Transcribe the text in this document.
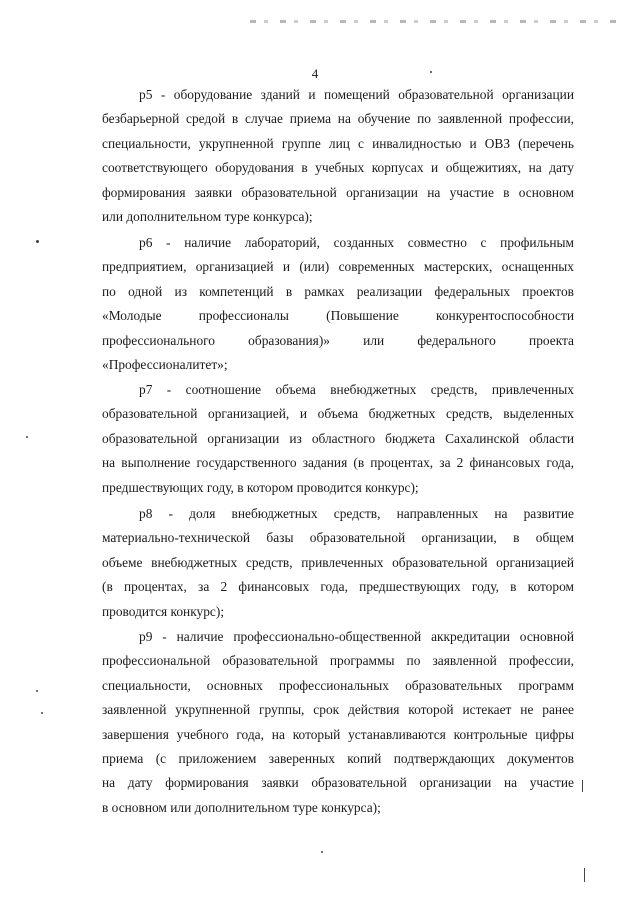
4
р5 - оборудование зданий и помещений образовательной организации
безбарьерной средой в случае приема на обучение по заявленной профессии,
специальности, укрупненной группе лиц с инвалидностью и ОВЗ (перечень
соответствующего оборудования в учебных корпусах и общежитиях, на дату
формирования заявки образовательной организации на участие в основном
или дополнительном туре конкурса);
р6 - наличие лабораторий, созданных совместно с профильным
предприятием, организацией и (или) современных мастерских, оснащенных
по одной из компетенций в рамках реализации федеральных проектов
«Молодые профессионалы (Повышение конкурентоспособности
профессионального образования)» или федерального проекта
«Профессионалитет»;
р7 - соотношение объема внебюджетных средств, привлеченных
образовательной организацией, и объема бюджетных средств, выделенных
образовательной организации из областного бюджета Сахалинской области
на выполнение государственного задания (в процентах, за 2 финансовых года,
предшествующих году, в котором проводится конкурс);
р8 - доля внебюджетных средств, направленных на развитие
материально-технической базы образовательной организации, в общем
объеме внебюджетных средств, привлеченных образовательной организацией
(в процентах, за 2 финансовых года, предшествующих году, в котором
проводится конкурс);
р9 - наличие профессионально-общественной аккредитации основной
профессиональной образовательной программы по заявленной профессии,
специальности, основных профессиональных образовательных программ
заявленной укрупненной группы, срок действия которой истекает не ранее
завершения учебного года, на который устанавливаются контрольные цифры
приема (с приложением заверенных копий подтверждающих документов
на дату формирования заявки образовательной организации на участие
в основном или дополнительном туре конкурса);
